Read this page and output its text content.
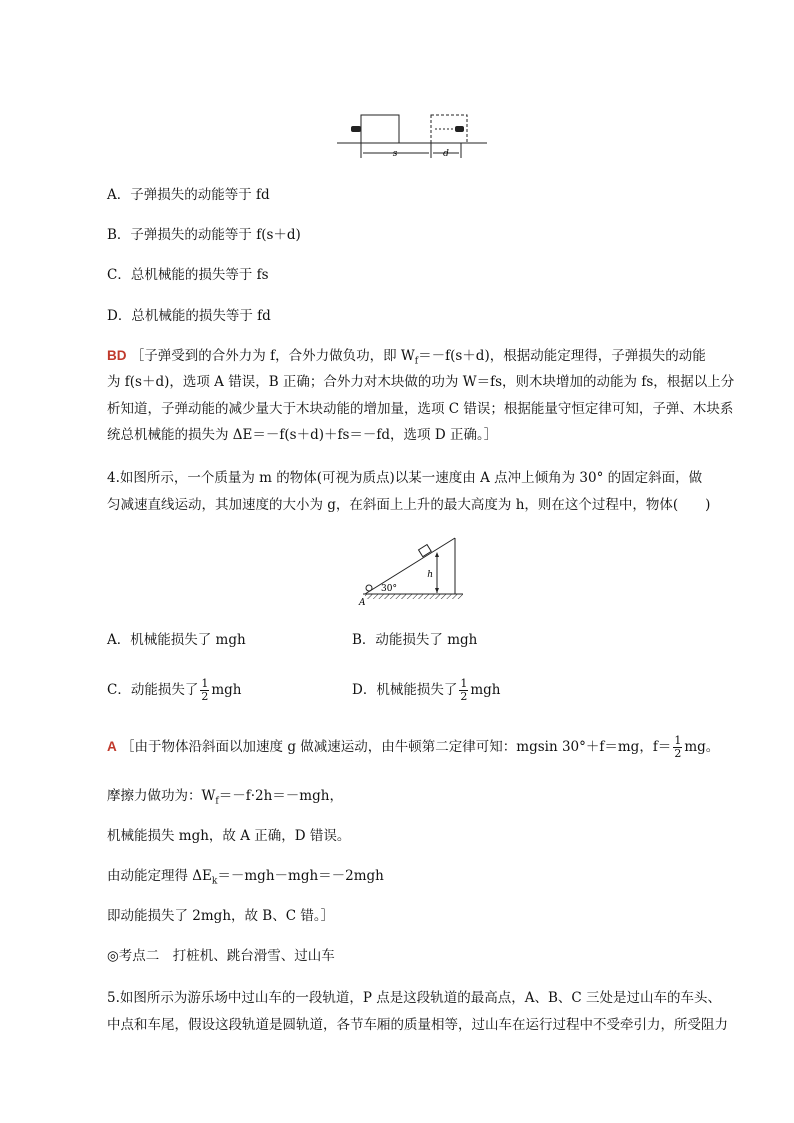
s	d
A．子弹损失的动能等于 fd
B．子弹损失的动能等于 f(s＋d)
C．总机械能的损失等于 fs
D．总机械能的损失等于 fd
BD ［子弹受到的合外力为 f，合外力做负功，即 $W_f=-f(s+d)$，根据动能定理得，子弹损失的动能
为 f(s＋d)，选项 A 错误，B 正确；合外力对木块做的功为 W＝fs，则木块增加的动能为 fs，根据以上分
析知道，子弹动能的减少量大于木块动能的增加量，选项 C 错误；根据能量守恒定律可知，子弹、木块系
统总机械能的损失为 ΔE＝－f(s＋d)＋fs＝－fd，选项 D 正确。］
4.如图所示，一个质量为 m 的物体(可视为质点)以某一速度由 A 点冲上倾角为 30° 的固定斜面，做
匀减速直线运动，其加速度的大小为 g，在斜面上上升的最大高度为 h，则在这个过程中，物体(　　)
h
30°
A
A．机械能损失了 mgh	B．动能损失了 mgh
C．动能损失了 $\frac{1}{2}$ mgh	D．机械能损失了 $\frac{1}{2}$ mgh
A ［由于物体沿斜面以加速度 g 做减速运动，由牛顿第二定律可知：mgsin 30°＋f＝mg，$f= \frac{1}{2}$ mg。
摩擦力做功为：$W_f=-f\cdot 2h=-mgh$，
机械能损失 mgh，故 A 正确，D 错误。
由动能定理得 $\Delta E_k=-mgh-mgh=-2mgh$
即动能损失了 2mgh，故 B、C 错。］
◎考点二　打桩机、跳台滑雪、过山车
5.如图所示为游乐场中过山车的一段轨道，P 点是这段轨道的最高点，A、B、C 三处是过山车的车头、
中点和车尾，假设这段轨道是圆轨道，各节车厢的质量相等，过山车在运行过程中不受牵引力，所受阻力
